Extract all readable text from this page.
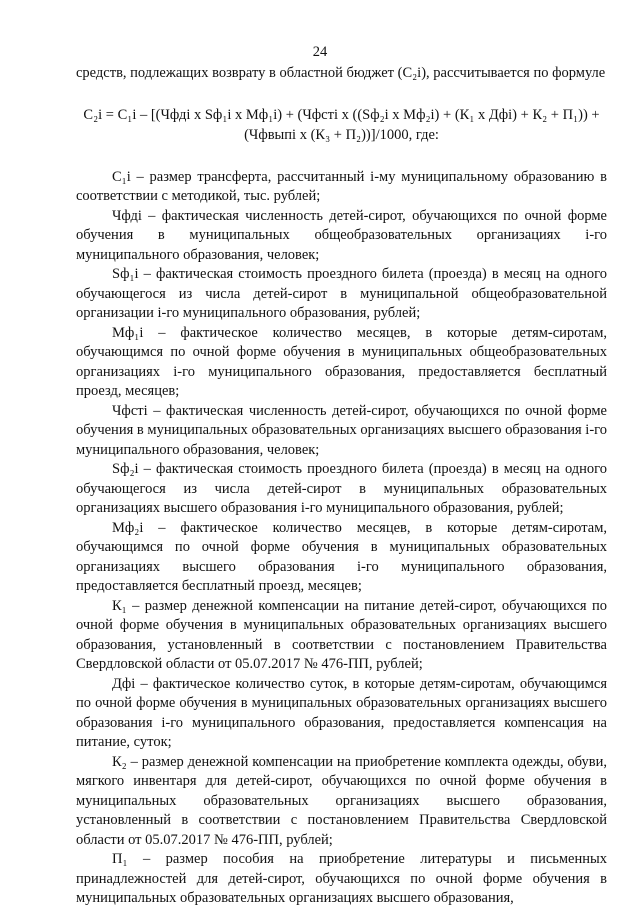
24

средств, подлежащих возврату в областной бюджет (С₂i), рассчитывается по формуле

С₂i = С₁i – [(Чфдi х Sф₁i х Мф₁i) + (Чфстi х ((Sф₂i х Мф₂i) + (К₁ х Дфi) + К₂ + П₁)) +
(Чфвыпi х (К₃ + П₂))]/1000, где:

С₁i – размер трансферта, рассчитанный i-му муниципальному образованию в соответствии с методикой, тыс. рублей;

Чфдi – фактическая численность детей-сирот, обучающихся по очной форме обучения в муниципальных общеобразовательных организациях i-го муниципального образования, человек;

Sф₁i – фактическая стоимость проездного билета (проезда) в месяц на одного обучающегося из числа детей-сирот в муниципальной общеобразовательной организации i-го муниципального образования, рублей;

Мф₁i – фактическое количество месяцев, в которые детям-сиротам, обучающимся по очной форме обучения в муниципальных общеобразовательных организациях i-го муниципального образования, предоставляется бесплатный проезд, месяцев;

Чфстi – фактическая численность детей-сирот, обучающихся по очной форме обучения в муниципальных образовательных организациях высшего образования i-го муниципального образования, человек;

Sф₂i – фактическая стоимость проездного билета (проезда) в месяц на одного обучающегося из числа детей-сирот в муниципальных образовательных организациях высшего образования i-го муниципального образования, рублей;

Мф₂i – фактическое количество месяцев, в которые детям-сиротам, обучающимся по очной форме обучения в муниципальных образовательных организациях высшего образования i-го муниципального образования, предоставляется бесплатный проезд, месяцев;

К₁ – размер денежной компенсации на питание детей-сирот, обучающихся по очной форме обучения в муниципальных образовательных организациях высшего образования, установленный в соответствии с постановлением Правительства Свердловской области от 05.07.2017 № 476-ПП, рублей;

Дфi – фактическое количество суток, в которые детям-сиротам, обучающимся по очной форме обучения в муниципальных образовательных организациях высшего образования i-го муниципального образования, предоставляется компенсация на питание, суток;

К₂ – размер денежной компенсации на приобретение комплекта одежды, обуви, мягкого инвентаря для детей-сирот, обучающихся по очной форме обучения в муниципальных образовательных организациях высшего образования, установленный в соответствии с постановлением Правительства Свердловской области от 05.07.2017 № 476-ПП, рублей;

П₁ – размер пособия на приобретение литературы и письменных принадлежностей для детей-сирот, обучающихся по очной форме обучения в муниципальных образовательных организациях высшего образования,
